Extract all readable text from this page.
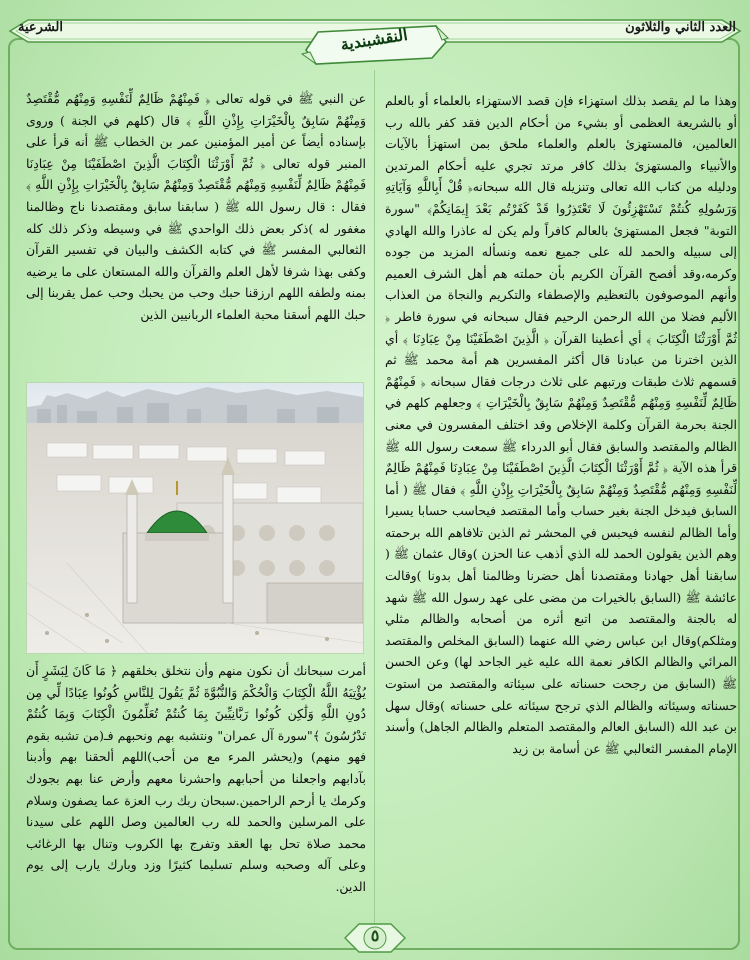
العدد الثاني والثلاثون
الشرعية	النقشبندية

وهذا ما لم يقصد بذلك استهزاء فإن قصد الاستهزاء بالعلماء أو بالعلم أو بالشريعة العظمى أو بشيء من أحكام الدين فقد كفر بالله رب العالمين، فالمستهزئ بالعلم والعلماء ملحق بمن استهزأ بالآيات والأنبياء والمستهزئ بذلك كافر مرتد تجري عليه أحكام المرتدين ودليله من كتاب الله تعالى وتنزيله قال الله سبحانه﴿ قُلْ أَبِاللَّهِ وَآيَاتِهِ وَرَسُولِهِ كُنتُمْ تَسْتَهْزِئُونَ لَا تَعْتَذِرُوا قَدْ كَفَرْتُم بَعْدَ إِيمَانِكُمْ﴾ "سورة التوبة" فجعل المستهزئ بالعالم كافراً ولم يكن له عاذرا والله الهادي إلى سبيله والحمد لله على جميع نعمه ونسأله المزيد من جوده وكرمه،وقد أفصح القرآن الكريم بأن حملته هم أهل الشرف العميم وأنهم الموصوفون بالتعظيم والإصطفاء والتكريم والنجاة من العذاب الأليم فضلا من الله الرحمن الرحيم فقال سبحانه في سورة فاطر ﴿ ثُمَّ أَوْرَثْنَا الْكِتَابَ ﴾ أي أعطينا القرآن ﴿ الَّذِينَ اصْطَفَيْنَا مِنْ عِبَادِنَا ﴾ أي الذين اخترنا من عبادنا قال أكثر المفسرين هم أمة محمد ﷺ ثم قسمهم ثلاث طبقات ورتبهم على ثلاث درجات فقال سبحانه ﴿ فَمِنْهُمْ ظَالِمٌ لِّنَفْسِهِ وَمِنْهُم مُّقْتَصِدٌ وَمِنْهُمْ سَابِقٌ بِالْخَيْرَاتِ ﴾ وجعلهم كلهم في الجنة بحرمة القرآن وكلمة الإخلاص وقد اختلف المفسرون في معنى الظالم والمقتصد والسابق فقال أبو الدرداء ﷺ سمعت رسول الله ﷺ قرأ هذه الآية ﴿ ثُمَّ أَوْرَثْنَا الْكِتَابَ الَّذِينَ اصْطَفَيْنَا مِنْ عِبَادِنَا فَمِنْهُمْ ظَالِمٌ لِّنَفْسِهِ وَمِنْهُم مُّقْتَصِدٌ وَمِنْهُمْ سَابِقٌ بِالْخَيْرَاتِ بِإِذْنِ اللَّهِ ﴾ فقال ﷺ ( أما السابق فيدخل الجنة بغير حساب وأما المقتصد فيحاسب حسابا يسيرا وأما الظالم لنفسه فيحبس في المحشر ثم الذين تلافاهم الله برحمته وهم الذين يقولون الحمد لله الذي أذهب عنا الحزن )وقال عثمان ﷺ ( سابقنا أهل جهادنا ومقتصدنا أهل حضرنا وظالمنا أهل بدونا )وقالت عائشة ﷺ (السابق بالخيرات من مضى على عهد رسول الله ﷺ شهد له بالجنة والمقتصد من اتبع أثره من أصحابه والظالم مثلي ومثلكم)وقال ابن عباس رضي الله عنهما (السابق المخلص والمقتصد المرائي والظالم الكافر نعمة الله عليه غير الجاحد لها) وعن الحسن ﷺ (السابق من رجحت حسناته على سيئاته والمقتصد من استوت حسناته وسيئاته والظالم الذي ترجح سيئاته على حسناته )وقال سهل بن عبد الله (السابق العالم والمقتصد المتعلم والظالم الجاهل) وأسند الإمام المفسر الثعالبي ﷺ عن أسامة بن زيد

عن النبي ﷺ في قوله تعالى ﴿ فَمِنْهُمْ ظَالِمٌ لِّنَفْسِهِ وَمِنْهُم مُّقْتَصِدٌ وَمِنْهُمْ سَابِقٌ بِالْخَيْرَاتِ بِإِذْنِ اللَّهِ ﴾ قال (كلهم في الجنة ) وروى بإسناده أيضاً عن أمير المؤمنين عمر بن الخطاب ﷺ أنه قرأ على المنبر قوله تعالى ﴿ ثُمَّ أَوْرَثْنَا الْكِتَابَ الَّذِينَ اصْطَفَيْنَا مِنْ عِبَادِنَا فَمِنْهُمْ ظَالِمٌ لِّنَفْسِهِ وَمِنْهُم مُّقْتَصِدٌ وَمِنْهُمْ سَابِقٌ بِالْخَيْرَاتِ بِإِذْنِ اللَّهِ ﴾ فقال : قال رسول الله ﷺ ( سابقنا سابق ومقتصدنا ناج وظالمنا مغفور له )ذكر بعض ذلك الواحدي ﷺ في وسيطه وذكر ذلك كله الثعالبي المفسر ﷺ في كتابه الكشف والبيان في تفسير القرآن وكفى بهذا شرفا لأهل العلم والقرآن والله المستعان على ما يرضيه بمنه ولطفه اللهم ارزقنا حبك وحب من يحبك وحب عمل يقربنا إلى حبك اللهم أسقنا محبة العلماء الربانيين الذين

أمرت سبحانك أن نكون منهم وأن نتخلق بخلقهم ﴿ مَا كَانَ لِبَشَرٍ أَن يُؤْتِيَهُ اللَّهُ الْكِتَابَ وَالْحُكْمَ وَالنُّبُوَّةَ ثُمَّ يَقُولَ لِلنَّاسِ كُونُوا عِبَادًا لِّي مِن دُونِ اللَّهِ وَلَٰكِن كُونُوا رَبَّانِيِّينَ بِمَا كُنتُمْ تُعَلِّمُونَ الْكِتَابَ وَبِمَا كُنتُمْ تَدْرُسُونَ ﴾"سورة آل عمران" ونتشبه بهم ونحبهم فـ(من تشبه بقوم فهو منهم) و(يحشر المرء مع من أحب)اللهم ألحقنا بهم وأدبنا بآدابهم واجعلنا من أحبابهم واحشرنا معهم وأرض عنا بهم بجودك وكرمك يا أرحم الراحمين.سبحان ربك رب العزة عما يصفون وسلام على المرسلين والحمد لله رب العالمين وصل اللهم على سيدنا محمد صلاة تحل بها العقد وتفرج بها الكروب وتنال بها الرغائب وعلى آله وصحبه وسلم تسليما كثيرًا وزد وبارك يارب إلى يوم الدين.

٥
